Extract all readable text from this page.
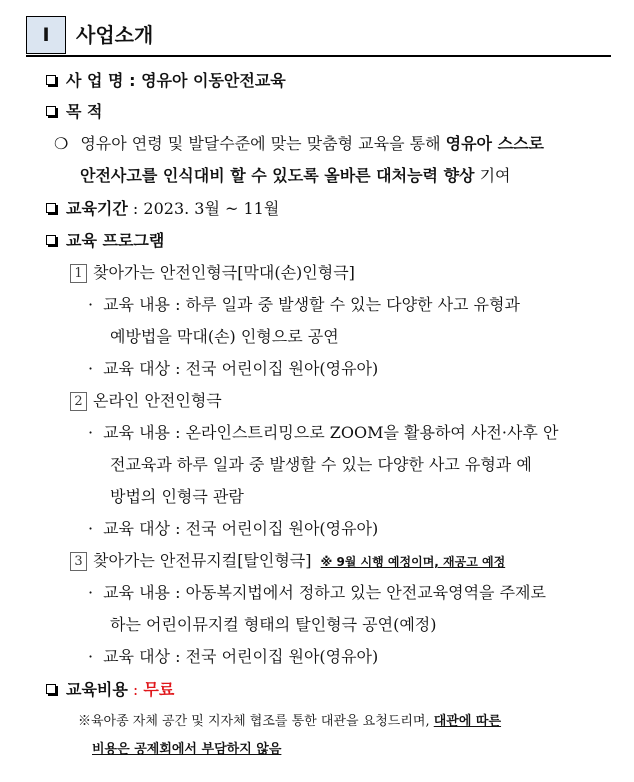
I	사업소개
사 업 명 : 영유아 이동안전교육
목 적
❍ 영유아 연령 및 발달수준에 맞는 맞춤형 교육을 통해 영유아 스스로
안전사고를 인식대비 할 수 있도록 올바른 대처능력 향상 기여
교육기간 : 2023. 3월 ~ 11월
교육 프로그램
1 찾아가는 안전인형극[막대(손)인형극]
· 교육 내용 : 하루 일과 중 발생할 수 있는 다양한 사고 유형과
예방법을 막대(손) 인형으로 공연
· 교육 대상 : 전국 어린이집 원아(영유아)
2 온라인 안전인형극
· 교육 내용 : 온라인스트리밍으로 ZOOM을 활용하여 사전·사후 안
전교육과 하루 일과 중 발생할 수 있는 다양한 사고 유형과 예
방법의 인형극 관람
· 교육 대상 : 전국 어린이집 원아(영유아)
3 찾아가는 안전뮤지컬[탈인형극] ※ 9월 시행 예정이며, 재공고 예정
· 교육 내용 : 아동복지법에서 정하고 있는 안전교육영역을 주제로
하는 어린이뮤지컬 형태의 탈인형극 공연(예정)
· 교육 대상 : 전국 어린이집 원아(영유아)
교육비용 : 무료
※육아종 자체 공간 및 지자체 협조를 통한 대관을 요청드리며, 대관에 따른
비용은 공제회에서 부담하지 않음
